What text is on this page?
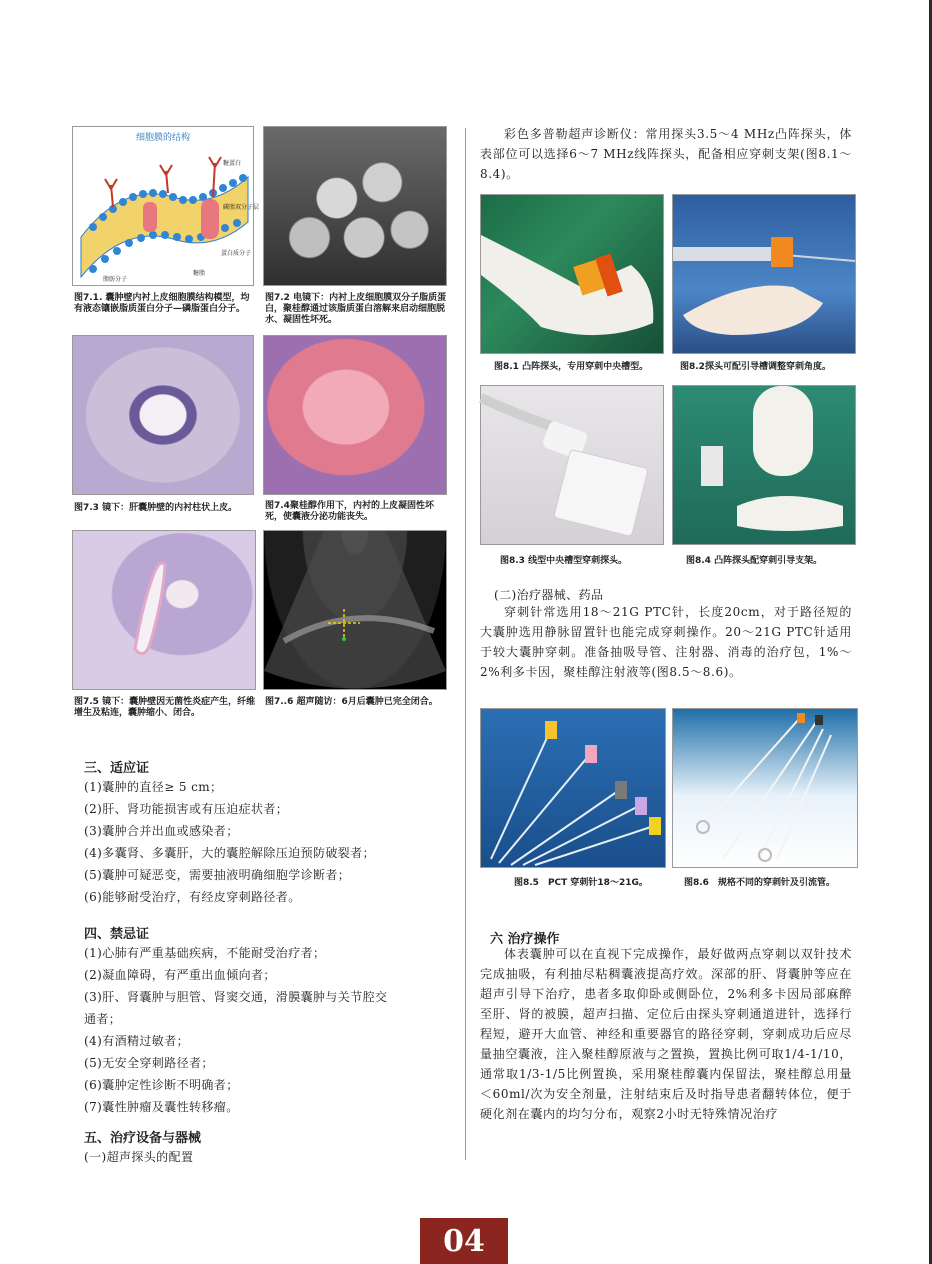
细胞膜的结构
糖蛋白
磷脂双分子层
蛋白质分子
糖脂
脂肪分子
图7.1. 囊肿壁内衬上皮细胞膜结构模型，均有液态镶嵌脂质蛋白分子—磷脂蛋白分子。
图7.2 电镜下：内衬上皮细胞膜双分子脂质蛋白，聚桂醇通过该脂质蛋白溶解来启动细胞脱水、凝固性坏死。
图7.3 镜下：肝囊肿壁的内衬柱状上皮。	图7.4聚桂醇作用下，内衬的上皮凝固性坏死，使囊液分泌功能丧失。
图7.5 镜下：囊肿壁因无菌性炎症产生，纤维增生及粘连，囊肿缩小、闭合。
图7..6 超声随访：6月后囊肿已完全闭合。
三、适应证
(1)囊肿的直径≥ 5 cm；
(2)肝、肾功能损害或有压迫症状者；
(3)囊肿合并出血或感染者；
(4)多囊肾、多囊肝，大的囊腔解除压迫预防破裂者；
(5)囊肿可疑恶变，需要抽液明确细胞学诊断者；
(6)能够耐受治疗，有经皮穿刺路径者。
四、禁忌证
(1)心肺有严重基础疾病，不能耐受治疗者；
(2)凝血障碍，有严重出血倾向者；
(3)肝、肾囊肿与胆管、肾窦交通，滑膜囊肿与关节腔交
通者；
(4)有酒精过敏者；
(5)无安全穿刺路径者；
(6)囊肿定性诊断不明确者；
(7)囊性肿瘤及囊性转移瘤。
五、治疗设备与器械
(一)超声探头的配置
彩色多普勒超声诊断仪：常用探头3.5～4 MHz凸阵探头，体表部位可以选择6～7 MHz线阵探头，配备相应穿刺支架(图8.1～8.4)。
图8.1 凸阵探头，专用穿刺中央槽型。	图8.2探头可配引导槽调整穿刺角度。
图8.3 线型中央槽型穿刺探头。	图8.4 凸阵探头配穿刺引导支架。
(二)治疗器械、药品
穿刺针常选用18～21G PTC针，长度20cm，对于路径短的大囊肿选用静脉留置针也能完成穿刺操作。20～21G PTC针适用于较大囊肿穿刺。准备抽吸导管、注射器、消毒的治疗包，1%～2%利多卡因，聚桂醇注射液等(图8.5～8.6)。
图8.5　PCT 穿刺针18～21G。	图8.6　规格不同的穿刺针及引流管。
六 治疗操作
体表囊肿可以在直视下完成操作，最好做两点穿刺以双针技术完成抽吸，有利抽尽粘稠囊液提高疗效。深部的肝、肾囊肿等应在超声引导下治疗，患者多取仰卧或侧卧位，2%利多卡因局部麻醉至肝、肾的被膜，超声扫描、定位后由探头穿刺通道进针，选择行程短，避开大血管、神经和重要器官的路径穿刺，穿刺成功后应尽量抽空囊液，注入聚桂醇原液与之置换，置换比例可取1/4-1/10，通常取1/3-1/5比例置换，采用聚桂醇囊内保留法，聚桂醇总用量＜60ml/次为安全剂量，注射结束后及时指导患者翻转体位，便于硬化剂在囊内的均匀分布，观察2小时无特殊情况治疗
04
